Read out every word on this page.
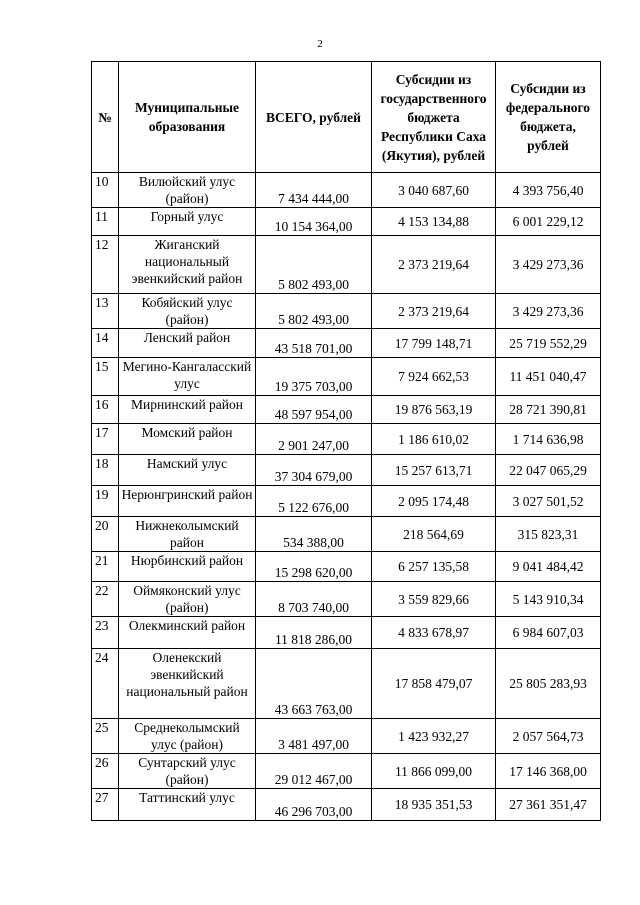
2
№	Муниципальные образования	ВСЕГО, рублей	Субсидии из государственного бюджета Республики Саха (Якутия), рублей	Субсидии из федерального бюджета, рублей
10	Вилюйский улус (район)	7 434 444,00	3 040 687,60	4 393 756,40
11	Горный улус	10 154 364,00	4 153 134,88	6 001 229,12
12	Жиганский национальный эвенкийский район	5 802 493,00	2 373 219,64	3 429 273,36
13	Кобяйский улус (район)	5 802 493,00	2 373 219,64	3 429 273,36
14	Ленский район	43 518 701,00	17 799 148,71	25 719 552,29
15	Мегино-Кангаласский улус	19 375 703,00	7 924 662,53	11 451 040,47
16	Мирнинский район	48 597 954,00	19 876 563,19	28 721 390,81
17	Момский район	2 901 247,00	1 186 610,02	1 714 636,98
18	Намский улус	37 304 679,00	15 257 613,71	22 047 065,29
19	Нерюнгринский район	5 122 676,00	2 095 174,48	3 027 501,52
20	Нижнеколымский район	534 388,00	218 564,69	315 823,31
21	Нюрбинский район	15 298 620,00	6 257 135,58	9 041 484,42
22	Оймяконский улус (район)	8 703 740,00	3 559 829,66	5 143 910,34
23	Олекминский район	11 818 286,00	4 833 678,97	6 984 607,03
24	Оленекский эвенкийский национальный район	43 663 763,00	17 858 479,07	25 805 283,93
25	Среднеколымский улус (район)	3 481 497,00	1 423 932,27	2 057 564,73
26	Сунтарский улус (район)	29 012 467,00	11 866 099,00	17 146 368,00
27	Таттинский улус	46 296 703,00	18 935 351,53	27 361 351,47
